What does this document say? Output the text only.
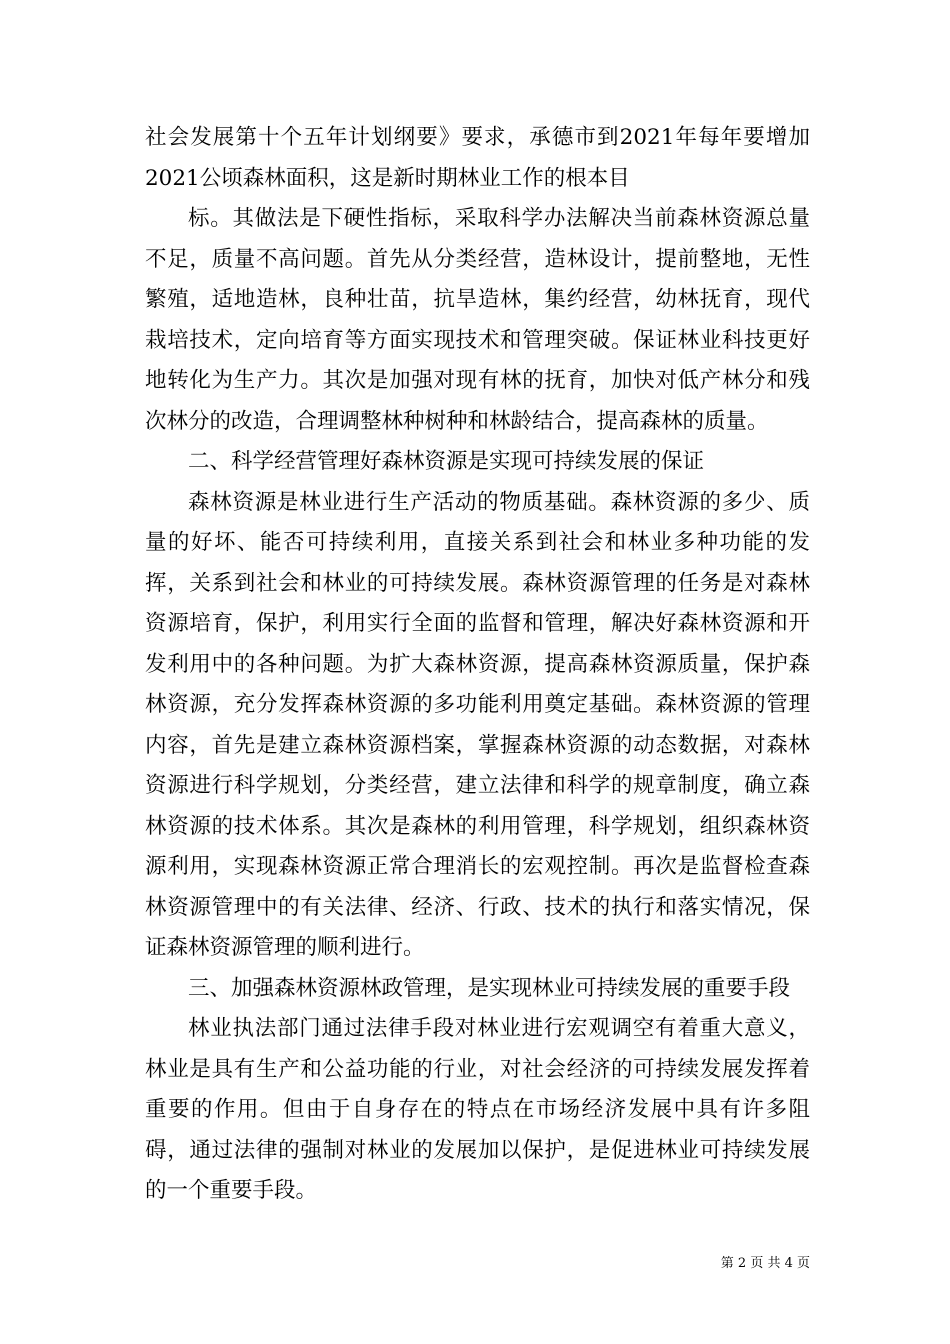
社会发展第十个五年计划纲要》要求，承德市到2021年每年要增加2021公顷森林面积，这是新时期林业工作的根本目

标。其做法是下硬性指标，采取科学办法解决当前森林资源总量不足，质量不高问题。首先从分类经营，造林设计，提前整地，无性繁殖，适地造林，良种壮苗，抗旱造林，集约经营，幼林抚育，现代栽培技术，定向培育等方面实现技术和管理突破。保证林业科技更好地转化为生产力。其次是加强对现有林的抚育，加快对低产林分和残次林分的改造，合理调整林种树种和林龄结合，提高森林的质量。

二、科学经营管理好森林资源是实现可持续发展的保证

森林资源是林业进行生产活动的物质基础。森林资源的多少、质量的好坏、能否可持续利用，直接关系到社会和林业多种功能的发挥，关系到社会和林业的可持续发展。森林资源管理的任务是对森林资源培育，保护，利用实行全面的监督和管理，解决好森林资源和开发利用中的各种问题。为扩大森林资源，提高森林资源质量，保护森林资源，充分发挥森林资源的多功能利用奠定基础。森林资源的管理内容，首先是建立森林资源档案，掌握森林资源的动态数据，对森林资源进行科学规划，分类经营，建立法律和科学的规章制度，确立森林资源的技术体系。其次是森林的利用管理，科学规划，组织森林资源利用，实现森林资源正常合理消长的宏观控制。再次是监督检查森林资源管理中的有关法律、经济、行政、技术的执行和落实情况，保证森林资源管理的顺利进行。

三、加强森林资源林政管理，是实现林业可持续发展的重要手段

林业执法部门通过法律手段对林业进行宏观调空有着重大意义，林业是具有生产和公益功能的行业，对社会经济的可持续发展发挥着重要的作用。但由于自身存在的特点在市场经济发展中具有许多阻碍，通过法律的强制对林业的发展加以保护，是促进林业可持续发展的一个重要手段。

第 2 页 共 4 页
